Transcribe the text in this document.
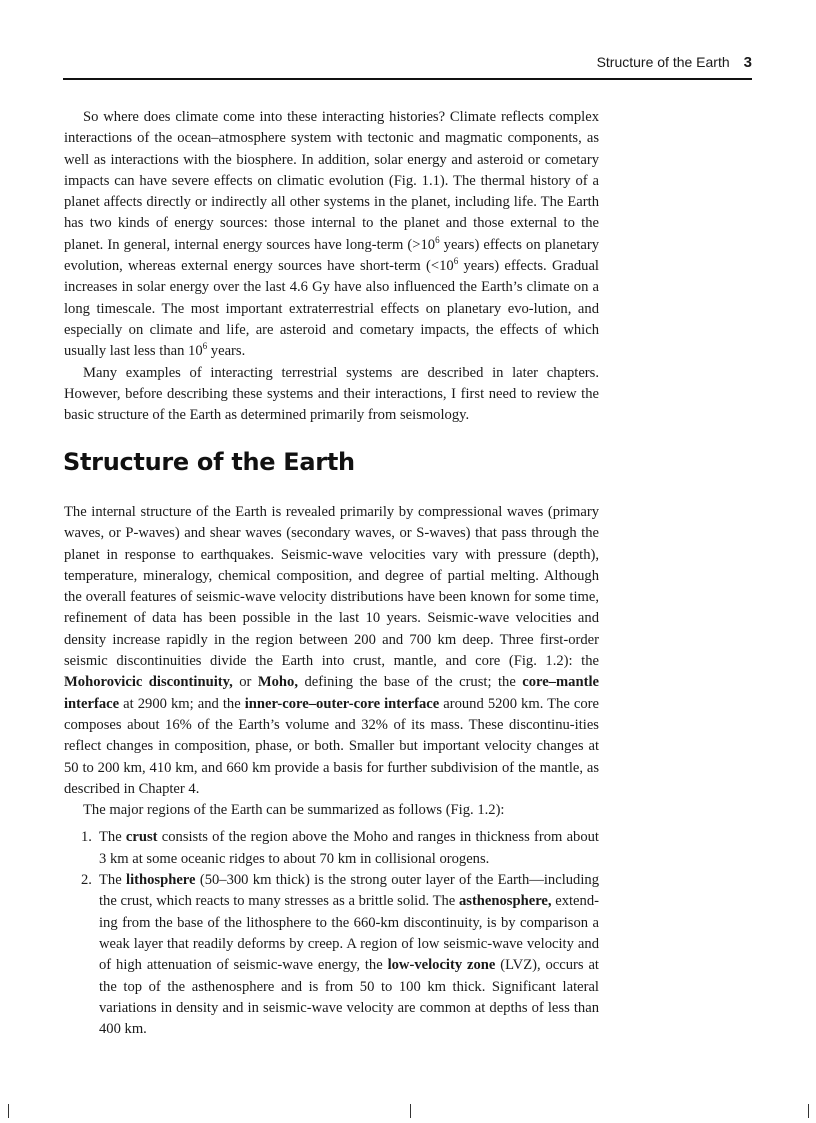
Structure of the Earth 3

So where does climate come into these interacting histories? Climate reflects complex interactions of the ocean–atmosphere system with tectonic and magmatic components, as well as interactions with the biosphere. In addition, solar energy and asteroid or cometary impacts can have severe effects on climatic evolution (Fig. 1.1). The thermal history of a planet affects directly or indirectly all other systems in the planet, including life. The Earth has two kinds of energy sources: those internal to the planet and those external to the planet. In general, internal energy sources have long-term ($>10^6$ years) effects on planetary evolution, whereas external energy sources have short-term ($<10^6$ years) effects. Gradual increases in solar energy over the last 4.6 Gy have also influenced the Earth’s climate on a long timescale. The most important extraterrestrial effects on planetary evo-lution, and especially on climate and life, are asteroid and cometary impacts, the effects of which usually last less than $10^6$ years.

Many examples of interacting terrestrial systems are described in later chapters. However, before describing these systems and their interactions, I first need to review the basic structure of the Earth as determined primarily from seismology.

Structure of the Earth

The internal structure of the Earth is revealed primarily by compressional waves (primary waves, or P-waves) and shear waves (secondary waves, or S-waves) that pass through the planet in response to earthquakes. Seismic-wave velocities vary with pressure (depth), temperature, mineralogy, chemical composition, and degree of partial melting. Although the overall features of seismic-wave velocity distributions have been known for some time, refinement of data has been possible in the last 10 years. Seismic-wave velocities and density increase rapidly in the region between 200 and 700 km deep. Three first-order seismic discontinuities divide the Earth into crust, mantle, and core (Fig. 1.2): the Mohorovicic discontinuity, or Moho, defining the base of the crust; the core–mantle interface at 2900 km; and the inner-core–outer-core interface around 5200 km. The core composes about 16% of the Earth’s volume and 32% of its mass. These discontinu-ities reflect changes in composition, phase, or both. Smaller but important velocity changes at 50 to 200 km, 410 km, and 660 km provide a basis for further subdivision of the mantle, as described in Chapter 4.

The major regions of the Earth can be summarized as follows (Fig. 1.2):

1. The crust consists of the region above the Moho and ranges in thickness from about 3 km at some oceanic ridges to about 70 km in collisional orogens.
2. The lithosphere (50–300 km thick) is the strong outer layer of the Earth—including the crust, which reacts to many stresses as a brittle solid. The asthenosphere, extend-ing from the base of the lithosphere to the 660-km discontinuity, is by comparison a weak layer that readily deforms by creep. A region of low seismic-wave velocity and of high attenuation of seismic-wave energy, the low-velocity zone (LVZ), occurs at the top of the asthenosphere and is from 50 to 100 km thick. Significant lateral variations in density and in seismic-wave velocity are common at depths of less than 400 km.
